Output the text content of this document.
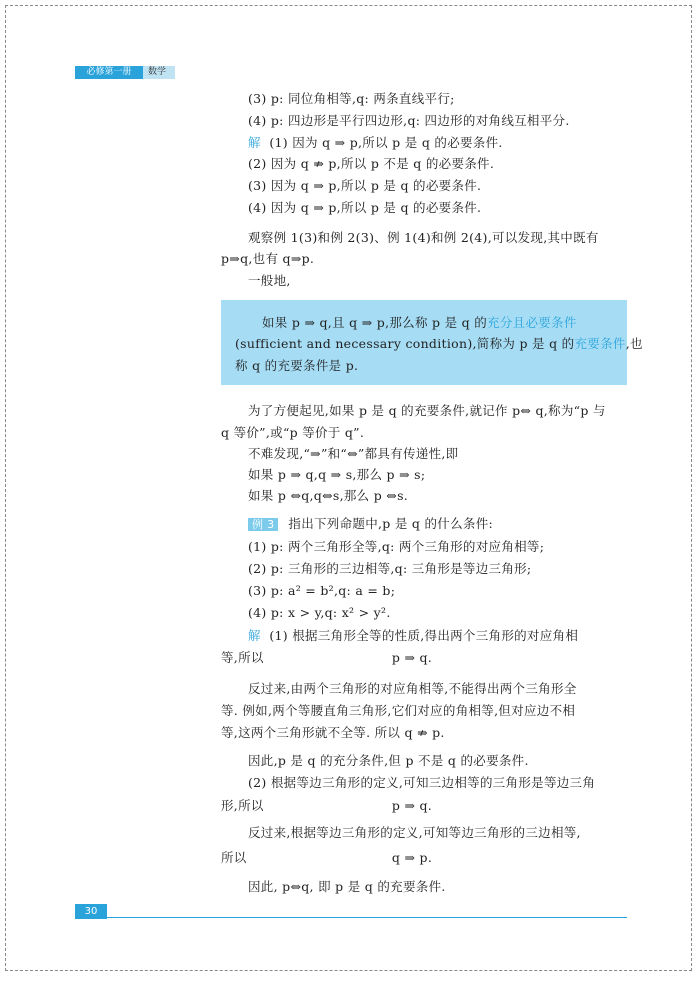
必修第一册	数学
(3) p: 同位角相等,q: 两条直线平行;
(4) p: 四边形是平行四边形,q: 四边形的对角线互相平分.
解  (1) 因为 q ⇒ p,所以 p 是 q 的必要条件.
(2) 因为 q ⇏ p,所以 p 不是 q 的必要条件.
(3) 因为 q ⇒ p,所以 p 是 q 的必要条件.
(4) 因为 q ⇒ p,所以 p 是 q 的必要条件.
观察例 1(3)和例 2(3)、例 1(4)和例 2(4),可以发现,其中既有
p⇒q,也有 q⇒p.
一般地,
如果 p ⇒ q,且 q ⇒ p,那么称 p 是 q 的充分且必要条件
(sufficient and necessary condition),简称为 p 是 q 的充要条件,也
称 q 的充要条件是 p.
为了方便起见,如果 p 是 q 的充要条件,就记作 p⇔ q,称为“p 与
q 等价”,或“p 等价于 q”.
不难发现,“⇒”和“⇔”都具有传递性,即
如果 p ⇒ q,q ⇒ s,那么 p ⇒ s;
如果 p ⇔q,q⇔s,那么 p ⇔s.
例 3 指出下列命题中,p 是 q 的什么条件:
(1) p: 两个三角形全等,q: 两个三角形的对应角相等;
(2) p: 三角形的三边相等,q: 三角形是等边三角形;
(3) p: a² = b²,q: a = b;
(4) p: x > y,q: x² > y².
解  (1) 根据三角形全等的性质,得出两个三角形的对应角相
等,所以                              p ⇒ q.
反过来,由两个三角形的对应角相等,不能得出两个三角形全
等. 例如,两个等腰直角三角形,它们对应的角相等,但对应边不相
等,这两个三角形就不全等. 所以 q ⇏ p.
因此,p 是 q 的充分条件,但 p 不是 q 的必要条件.
(2) 根据等边三角形的定义,可知三边相等的三角形是等边三角
形,所以                              p ⇒ q.
反过来,根据等边三角形的定义,可知等边三角形的三边相等,
所以                                  q ⇒ p.
因此, p⇔q, 即 p 是 q 的充要条件.
30
